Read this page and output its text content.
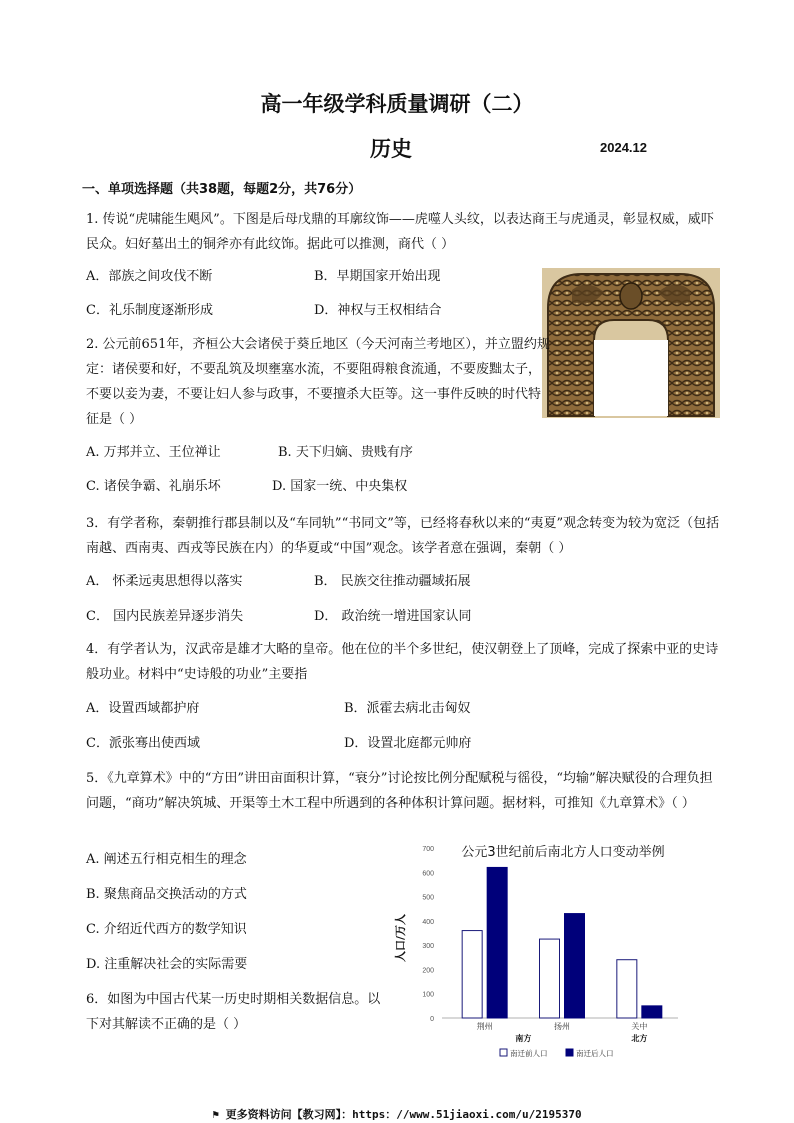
高一年级学科质量调研（二）
历史	2024.12
一、单项选择题（共38题，每题2分，共76分）
1. 传说“虎啸能生飓风”。下图是后母戊鼎的耳廓纹饰——虎噬人头纹，以表达商王与虎通灵，彰显权威，威吓民众。妇好墓出土的铜斧亦有此纹饰。据此可以推测，商代（ ）
A．部族之间攻伐不断	B．早期国家开始出现
C．礼乐制度逐渐形成	D．神权与王权相结合
2. 公元前651年，齐桓公大会诸侯于葵丘地区（今天河南兰考地区），并立盟约规定：诸侯要和好，不要乱筑及坝壅塞水流，不要阻碍粮食流通，不要废黜太子，不要以妾为妻，不要让妇人参与政事，不要擅杀大臣等。这一事件反映的时代特征是（ ）
A. 万邦并立、王位禅让	B. 天下归嫡、贵贱有序
C. 诸侯争霸、礼崩乐坏	D. 国家一统、中央集权
3．有学者称，秦朝推行郡县制以及“车同轨”“书同文”等，已经将春秋以来的“夷夏”观念转变为较为宽泛（包括南越、西南夷、西戎等民族在内）的华夏或“中国”观念。该学者意在强调，秦朝（ ）
A． 怀柔远夷思想得以落实	B． 民族交往推动疆域拓展
C． 国内民族差异逐步消失	D． 政治统一增进国家认同
4．有学者认为，汉武帝是雄才大略的皇帝。他在位的半个多世纪，使汉朝登上了顶峰，完成了探索中亚的史诗般功业。材料中“史诗般的功业”主要指
A．设置西域都护府	B．派霍去病北击匈奴
C．派张骞出使西域	D．设置北庭都元帅府
5．《九章算术》中的“方田”讲田亩面积计算，“衰分”讨论按比例分配赋税与徭役，“均输”解决赋役的合理负担问题，“商功”解决筑城、开渠等土木工程中所遇到的各种体积计算问题。据材料，可推知《九章算术》（ ）
A. 阐述五行相克相生的理念
B. 聚焦商品交换活动的方式
C. 介绍近代西方的数学知识
D. 注重解决社会的实际需要
6．如图为中国古代某一历史时期相关数据信息。以下对其解读不正确的是（ ）
公元3世纪前后南北方人口变动举例
人口/万人
0
100
200
300
400
500
600
700
荆州	扬州	关中
南方	北方
南迁前人口	南迁后人口
⚑ 更多资料访问【教习网】：https：//www.51jiaoxi.com/u/2195370
